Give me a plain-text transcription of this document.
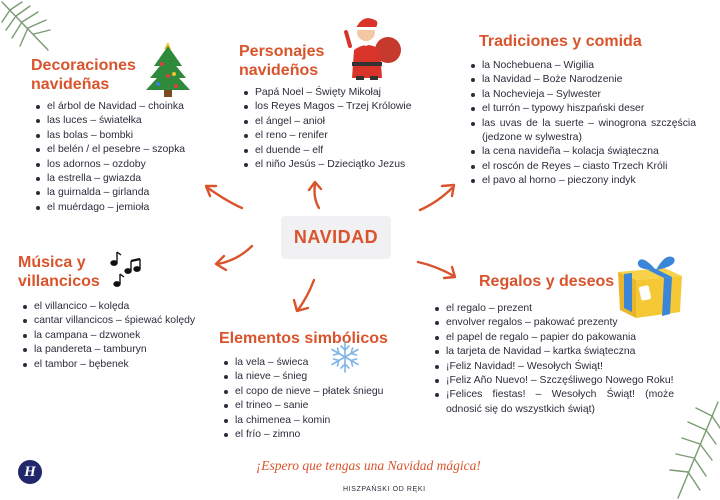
Decoraciones
navideñas
el árbol de Navidad – choinka
las luces – światełka
las bolas – bombki
el belén / el pesebre – szopka
los adornos – ozdoby
la estrella – gwiazda
la guirnalda – girlanda
el muérdago – jemioła
Personajes
navideños
Papá Noel – Święty Mikołaj
los Reyes Magos – Trzej Królowie
el ángel – anioł
el reno – renifer
el duende – elf
el niño Jesús – Dzieciątko Jezus
Tradiciones y comida
la Nochebuena – Wigilia
la Navidad – Boże Narodzenie
la Nochevieja – Sylwester
el turrón – typowy hiszpański deser
las uvas de la suerte – winogrona szczęścia (jedzone w sylwestra)
la cena navideña – kolacja świąteczna
el roscón de Reyes – ciasto Trzech Króli
el pavo al horno – pieczony indyk
NAVIDAD
Música y
villancicos
el villancico – kolęda
cantar villancicos – śpiewać kolędy
la campana – dzwonek
la pandereta – tamburyn
el tambor – bębenek
Elementos simbólicos
la vela – świeca
la nieve – śnieg
el copo de nieve – płatek śniegu
el trineo – sanie
la chimenea – komin
el frío – zimno
Regalos y deseos
el regalo – prezent
envolver regalos – pakować prezenty
el papel de regalo – papier do pakowania
la tarjeta de Navidad – kartka świąteczna
¡Feliz Navidad! – Wesołych Świąt!
¡Feliz Año Nuevo! – Szczęśliwego Nowego Roku!
¡Felices fiestas! – Wesołych Świąt! (może odnosić się do wszystkich świąt)
¡Espero que tengas una Navidad mágica!
HISZPAŃSKI OD RĘKI
H
